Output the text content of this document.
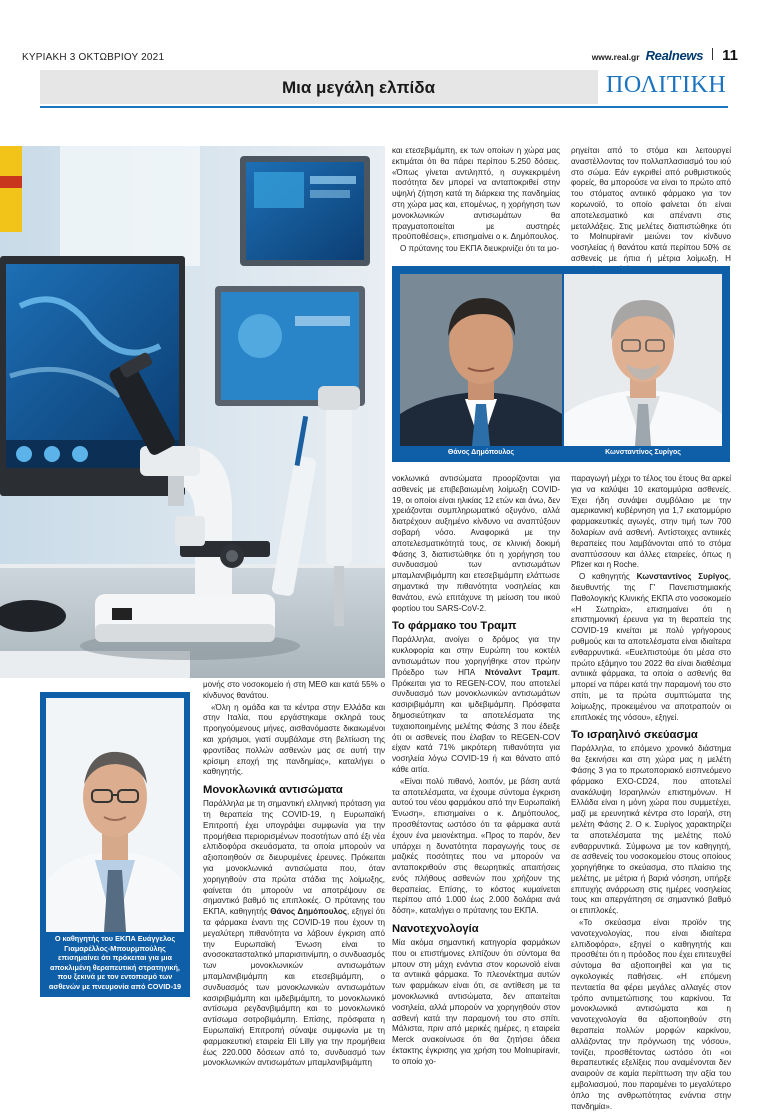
ΚΥΡΙΑΚΗ 3 ΟΚΤΩΒΡΙΟΥ 2021	www.real.gr Realnews 11
Μια μεγάλη ελπίδα	ΠΟΛΙΤΙΚΗ

μονής στο νοσοκομείο ή στη ΜΕΘ και κατά 55% ο κίνδυνος θανάτου.

«Όλη η ομάδα και τα κέντρα στην Ελλάδα και στην Ιταλία, που εργάστηκαμε σκληρά τους προηγούμενους μήνες, αισθανόμαστε δικαιωμένοι και χρήσιμοι, γιατί συμβάλαμε στη βελτίωση της φροντίδας πολλών ασθενών μας σε αυτή την κρίσιμη εποχή της πανδημίας», καταλήγει ο καθηγητής.

Μονοκλωνικά αντισώματα

Παράλληλα με τη σημαντική ελληνική πρόταση για τη θεραπεία της COVID-19, η Ευρωπαϊκή Επιτροπή έχει υπογράψει συμφωνία για την προμήθεια περιορισμένων ποσοτήτων από έξι νέα ελπιδοφόρα σκευάσματα, τα οποία μπορούν να αξιοποιηθούν σε διευρυμένες έρευνες. Πρόκειται για μονοκλωνικά αντισώματα που, όταν χορηγηθούν στα πρώτα στάδια της λοίμωξης, φαίνεται ότι μπορούν να αποτρέψουν σε σημαντικό βαθμό τις επιπλοκές. Ο πρύτανης του ΕΚΠΑ, καθηγητής Θάνος Δημόπουλος, εξηγεί ότι τα φάρμακα έναντι της COVID-19 που έχουν τη μεγαλύτερη πιθανότητα να λάβουν έγκριση από την Ευρωπαϊκή Ένωση είναι το ανοσοκατασταλτικό μπαρισιτινίμπη, ο συνδυασμός των μονοκλωνικών αντισωμάτων μπαμλανιβιμάμπη και ετεσεβιμάμπη, ο συνδυασμός των μονοκλωνικών αντισωμάτων κασιριβιμάμπη και ιμδεβιμάμπη, το μονοκλωνικό αντίσωμα ρεγδανβιμάμπη και το μονοκλωνικό αντίσωμα σοτροβιμάμπη. Επίσης, πρόσφατα η Ευρωπαϊκή Επιτροπή σύναψε συμφωνία με τη φαρμακευτική εταιρεία Eli Lilly για την προμήθεια έως 220.000 δόσεων από το, συνδυασμό των μονοκλωνικών αντισωμάτων μπαμλανιβιμάμπη

Ο καθηγητής του ΕΚΠΑ Ευάγγελος Γιαμαρέλλος-Μπουρμπούλης επισημαίνει ότι πρόκειται για μια αποκλιμένη θεραπευτική στρατηγική, που ξεκινά με τον εντοπισμό των ασθενών με πνευμονία από COVID-19

και ετεσεβιμάμπη, εκ των οποίων η χώρα μας εκτιμάται ότι θα πάρει περίπου 5.250 δόσεις. «Όπως γίνεται αντιληπτό, η συγκεκριμένη ποσότητα δεν μπορεί να ανταποκριθεί στην υψηλή ζήτηση κατά τη διάρκεια της πανδημίας στη χώρα μας και, επομένως, η χορήγηση των μονοκλωνικών αντισωμάτων θα πραγματοποιείται με αυστηρές προϋποθέσεις», επισημαίνει ο κ. Δημόπουλος.

Ο πρύτανης του ΕΚΠΑ διευκρινίζει ότι τα μο-

ρηγείται από το στόμα και λειτουργεί αναστέλλοντας τον πολλαπλασιασμό του ιού στο σώμα. Εάν εγκριθεί από ρυθμιστικούς φορείς, θα μπορούσε να είναι το πρώτο από του στόματος αντιιικό φάρμακο για τον κορωνοϊό, το οποίο φαίνεται ότι είναι αποτελεσματικό και απέναντι στις μεταλλάξεις. Στις μελέτες διαπιστώθηκε ότι το Molnupiravir μειώνει τον κίνδυνο νοσηλείας ή θανάτου κατά περίπου 50% σε ασθενείς με ήπια ή μέτρια λοίμωξη. Η

Θάνος Δημόπουλος	Κωνσταντίνος Συρίγος

νοκλωνικά αντισώματα προορίζονται για ασθενείς με επιβεβαιωμένη λοίμωξη COVID-19, οι οποίοι είναι ηλικίας 12 ετών και άνω, δεν χρειάζονται συμπληρωματικό οξυγόνο, αλλά διατρέχουν αυξημένο κίνδυνο να αναπτύξουν σοβαρή νόσο. Αναφορικά με την αποτελεσματικότητά τους, σε κλινική δοκιμή Φάσης 3, διαπιστώθηκε ότι η χορήγηση του συνδυασμού των αντισωμάτων μπαμλανιβιμάμπη και ετεσεβιμάμπη ελάττωσε σημαντικά την πιθανότητα νοσηλείας και θανάτου, ενώ επιτάχυνε τη μείωση του ιικού φορτίου του SARS-CoV-2.

Το φάρμακο του Τραμπ

Παράλληλα, ανοίγει ο δρόμος για την κυκλοφορία και στην Ευρώπη του κοκτέιλ αντισωμάτων που χορηγήθηκε στον πρώην Πρόεδρο των ΗΠΑ Ντόναλντ Τραμπ. Πρόκειται για το REGEN-COV, που αποτελεί συνδυασμό των μονοκλωνικών αντισωμάτων κασιριβιμάμπη και ιμδεβιμάμπη. Πρόσφατα δημοσιεύτηκαν τα αποτελέσματα της τυχαιοποιημένης μελέτης Φάσης 3 που έδειξε ότι οι ασθενείς που έλαβαν το REGEN-COV είχαν κατά 71% μικρότερη πιθανότητα για νοσηλεία λόγω COVID-19 ή και θάνατο από κάθε αιτία.

«Είναι πολύ πιθανό, λοιπόν, με βάση αυτά τα αποτελέσματα, να έχουμε σύντομα έγκριση αυτού του νέου φαρμάκου από την Ευρωπαϊκή Ένωση», επισημαίνει ο κ. Δημόπουλος, προσθέτοντας ωστόσο ότι τα φάρμακα αυτά έχουν ένα μειονέκτημα. «Προς το παρόν, δεν υπάρχει η δυνατότητα παραγωγής τους σε μαζικές ποσότητες που να μπορούν να ανταποκριθούν στις θεωρητικές απαιτήσεις ενός πλήθους ασθενών που χρήζουν της θεραπείας. Επίσης, το κόστος κυμαίνεται περίπου από 1.000 έως 2.000 δολάρια ανά δόση», καταλήγει ο πρύτανης του ΕΚΠΑ.

Νανοτεχνολογία

Μία ακόμα σημαντική κατηγορία φαρμάκων που οι επιστήμονες ελπίζουν ότι σύντομα θα μπουν στη μάχη ενάντια στον κορωνοϊό είναι τα αντιιικά φάρμακα. Το πλεονέκτημα αυτών των φαρμάκων είναι ότι, σε αντίθεση με τα μονοκλωνικά αντισώματα, δεν απαιτείται νοσηλεία, αλλά μπορούν να χορηγηθούν στον ασθενή κατά την παραμονή του στο σπίτι. Μάλιστα, πριν από μερικές ημέρες, η εταιρεία Merck ανακοίνωσε ότι θα ζητήσει άδεια έκτακτης έγκρισης για χρήση του Molnupiravir, το οποίο χο-

παραγωγή μέχρι το τέλος του έτους θα αρκεί για να καλύψει 10 εκατομμύρια ασθενείς. Έχει ήδη συνάψει συμβόλαιο με την αμερικανική κυβέρνηση για 1,7 εκατομμύριο φαρμακευτικές αγωγές, στην τιμή των 700 δολαρίων ανά ασθενή. Αντίστοιχες αντιιικές θεραπείες που λαμβάνονται από το στόμα αναπτύσσουν και άλλες εταιρείες, όπως η Pfizer και η Roche.

Ο καθηγητής Κωνσταντίνος Συρίγος, διευθυντής της Γ' Πανεπιστημιακής Παθολογικής Κλινικής ΕΚΠΑ στο νοσοκομείο «Η Σωτηρία», επισημαίνει ότι η επιστημονική έρευνα για τη θεραπεία της COVID-19 κινείται με πολύ γρήγορους ρυθμούς και τα αποτελέσματα είναι ιδιαίτερα ενθαρρυντικά. «Ευελπιστούμε ότι μέσα στο πρώτο εξάμηνο του 2022 θα είναι διαθέσιμα αντιιικά φάρμακα, τα οποία ο ασθενής θα μπορεί να πάρει κατά την παραμονή του στο σπίτι, με τα πρώτα συμπτώματα της λοίμωξης, προκειμένου να αποτραπούν οι επιπλοκές της νόσου», εξηγεί.

Το ισραηλινό σκεύασμα

Παράλληλα, το επόμενο χρονικό διάστημα θα ξεκινήσει και στη χώρα μας η μελέτη Φάσης 3 για το πρωτοποριακό εισπνεόμενο φάρμακο EXO-CD24, που αποτελεί ανακάλυψη Ισραηλινών επιστημόνων. Η Ελλάδα είναι η μόνη χώρα που συμμετέχει, μαζί με ερευνητικά κέντρα στο Ισραήλ, στη μελέτη Φάσης 2. Ο κ. Συρίγος χαρακτηρίζει τα αποτελέσματα της μελέτης πολύ ενθαρρυντικά. Σύμφωνα με τον καθηγητή, σε ασθενείς του νοσοκομείου στους οποίους χορηγήθηκε το σκεύασμα, στο πλαίσιο της μελέτης, με μέτρια ή βαριά νόσηση, υπήρξε επιτυχής ανάρρωση στις ημέρες νοσηλείας τους και απεργάπηση σε σημαντικό βαθμό οι επιπλοκές.

«Το σκεύασμα είναι προϊόν της νανοτεχνολογίας, που είναι ιδιαίτερα ελπιδοφόρα», εξηγεί ο καθηγητής και προσθέτει ότι η πρόοδος που έχει επιτευχθεί σύντομα θα αξιοποιηθεί και για τις ογκολογικές παθήσεις. «Η επόμενη πενταετία θα φέρει μεγάλες αλλαγές στον τρόπο αντιμετώπισης του καρκίνου. Τα μονοκλωνικά αντισώματα και η νανοτεχνολογία θα αξιοποιηθούν στη θεραπεία πολλών μορφών καρκίνου, αλλάζοντας την πρόγνωση της νόσου», τονίζει, προσθέτοντας ωστόσο ότι «οι θεραπευτικές εξελίξεις που αναμένονται δεν αναιρούν σε καμία περίπτωση την αξία του εμβολιασμού, που παραμένει το μεγαλύτερο όπλο της ανθρωπότητας ενάντια στην πανδημία».
